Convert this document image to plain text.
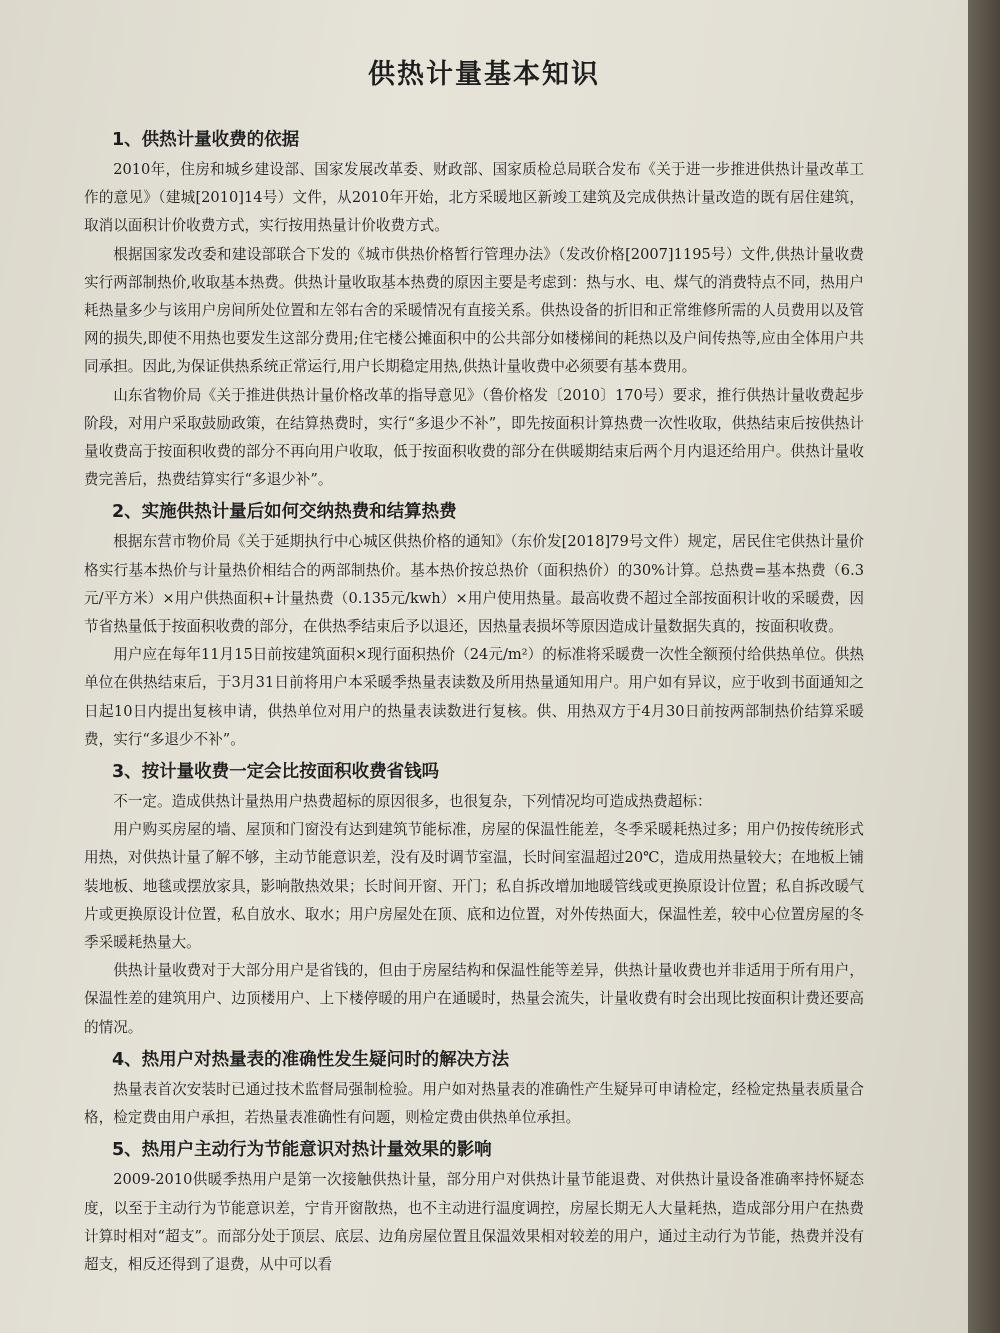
供热计量基本知识
1、供热计量收费的依据

2010年，住房和城乡建设部、国家发展改革委、财政部、国家质检总局联合发布《关于进一步推进供热计量改革工作的意见》（建城[2010]14号）文件，从2010年开始，北方采暖地区新竣工建筑及完成供热计量改造的既有居住建筑，取消以面积计价收费方式，实行按用热量计价收费方式。

根据国家发改委和建设部联合下发的《城市供热价格暂行管理办法》（发改价格[2007]1195号）文件,供热计量收费实行两部制热价,收取基本热费。供热计量收取基本热费的原因主要是考虑到：热与水、电、煤气的消费特点不同，热用户耗热量多少与该用户房间所处位置和左邻右舍的采暖情况有直接关系。供热设备的折旧和正常维修所需的人员费用以及管网的损失,即使不用热也要发生这部分费用;住宅楼公摊面积中的公共部分如楼梯间的耗热以及户间传热等,应由全体用户共同承担。因此,为保证供热系统正常运行,用户长期稳定用热,供热计量收费中必须要有基本费用。

山东省物价局《关于推进供热计量价格改革的指导意见》（鲁价格发〔2010〕170号）要求，推行供热计量收费起步阶段，对用户采取鼓励政策，在结算热费时，实行“多退少不补”，即先按面积计算热费一次性收取，供热结束后按供热计量收费高于按面积收费的部分不再向用户收取，低于按面积收费的部分在供暖期结束后两个月内退还给用户。供热计量收费完善后，热费结算实行“多退少补”。

2、实施供热计量后如何交纳热费和结算热费

根据东营市物价局《关于延期执行中心城区供热价格的通知》（东价发[2018]79号文件）规定，居民住宅供热计量价格实行基本热价与计量热价相结合的两部制热价。基本热价按总热价（面积热价）的30%计算。总热费=基本热费（6.3元/平方米）×用户供热面积+计量热费（0.135元/kwh）×用户使用热量。最高收费不超过全部按面积计收的采暖费，因节省热量低于按面积收费的部分，在供热季结束后予以退还，因热量表损坏等原因造成计量数据失真的，按面积收费。

用户应在每年11月15日前按建筑面积×现行面积热价（24元/m²）的标准将采暖费一次性全额预付给供热单位。供热单位在供热结束后，于3月31日前将用户本采暖季热量表读数及所用热量通知用户。用户如有异议，应于收到书面通知之日起10日内提出复核申请，供热单位对用户的热量表读数进行复核。供、用热双方于4月30日前按两部制热价结算采暖费，实行“多退少不补”。

3、按计量收费一定会比按面积收费省钱吗

不一定。造成供热计量热用户热费超标的原因很多，也很复杂，下列情况均可造成热费超标：

用户购买房屋的墙、屋顶和门窗没有达到建筑节能标准，房屋的保温性能差，冬季采暖耗热过多；用户仍按传统形式用热，对供热计量了解不够，主动节能意识差，没有及时调节室温，长时间室温超过20℃，造成用热量较大；在地板上铺装地板、地毯或摆放家具，影响散热效果；长时间开窗、开门；私自拆改增加地暖管线或更换原设计位置；私自拆改暖气片或更换原设计位置，私自放水、取水；用户房屋处在顶、底和边位置，对外传热面大，保温性差，较中心位置房屋的冬季采暖耗热量大。

供热计量收费对于大部分用户是省钱的，但由于房屋结构和保温性能等差异，供热计量收费也并非适用于所有用户，保温性差的建筑用户、边顶楼用户、上下楼停暖的用户在通暖时，热量会流失，计量收费有时会出现比按面积计费还要高的情况。

4、热用户对热量表的准确性发生疑问时的解决方法

热量表首次安装时已通过技术监督局强制检验。用户如对热量表的准确性产生疑异可申请检定，经检定热量表质量合格，检定费由用户承担，若热量表准确性有问题，则检定费由供热单位承担。

5、热用户主动行为节能意识对热计量效果的影响

2009-2010供暖季热用户是第一次接触供热计量，部分用户对供热计量节能退费、对供热计量设备准确率持怀疑态度，以至于主动行为节能意识差，宁肯开窗散热，也不主动进行温度调控，房屋长期无人大量耗热，造成部分用户在热费计算时相对“超支”。而部分处于顶层、底层、边角房屋位置且保温效果相对较差的用户，通过主动行为节能，热费并没有超支，相反还得到了退费，从中可以看
